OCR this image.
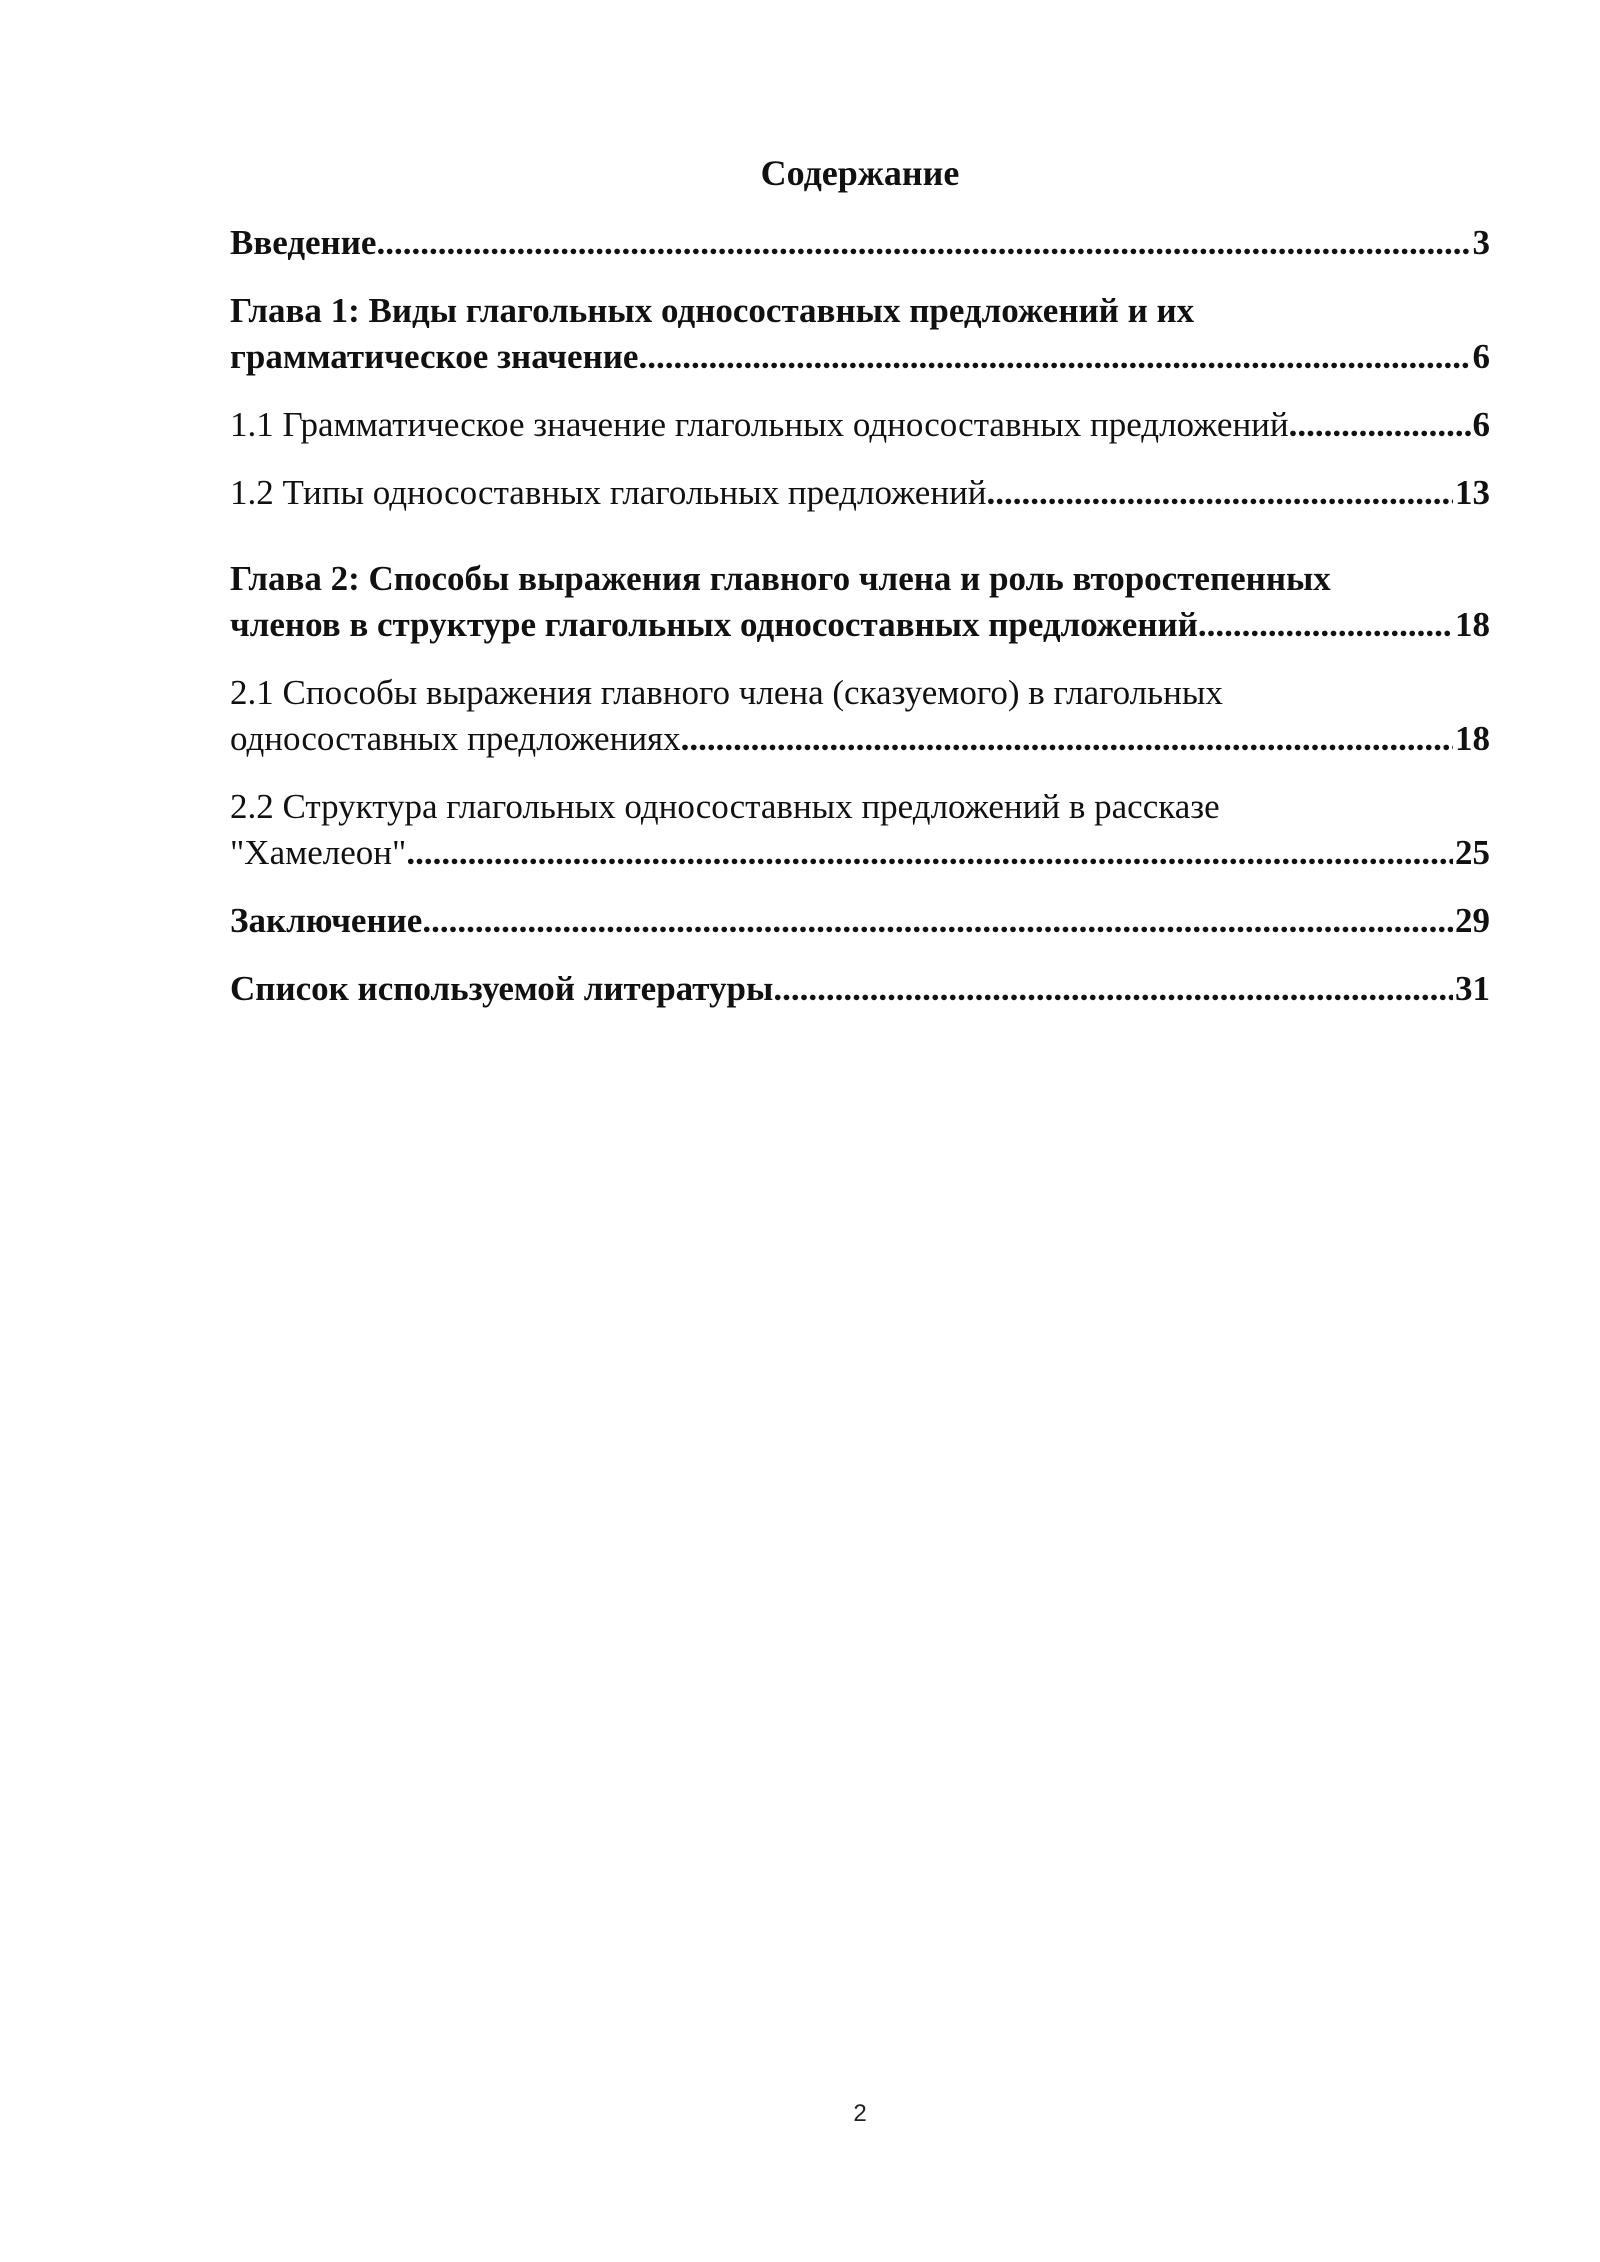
Содержание
Введение .....	3
Глава 1: Виды глагольных односоставных предложений и их
грамматическое значение .....	6
1.1 Грамматическое значение глагольных односоставных предложений .....	6
1.2 Типы односоставных глагольных предложений .....	13
Глава 2: Способы выражения главного члена и роль второстепенных
членов в структуре глагольных односоставных предложений .....	18
2.1 Способы выражения главного члена (сказуемого) в глагольных
односоставных предложениях .....	18
2.2 Структура глагольных односоставных предложений в рассказе
"Хамелеон" .....	25
Заключение .....	29
Список используемой литературы .....	31
2
